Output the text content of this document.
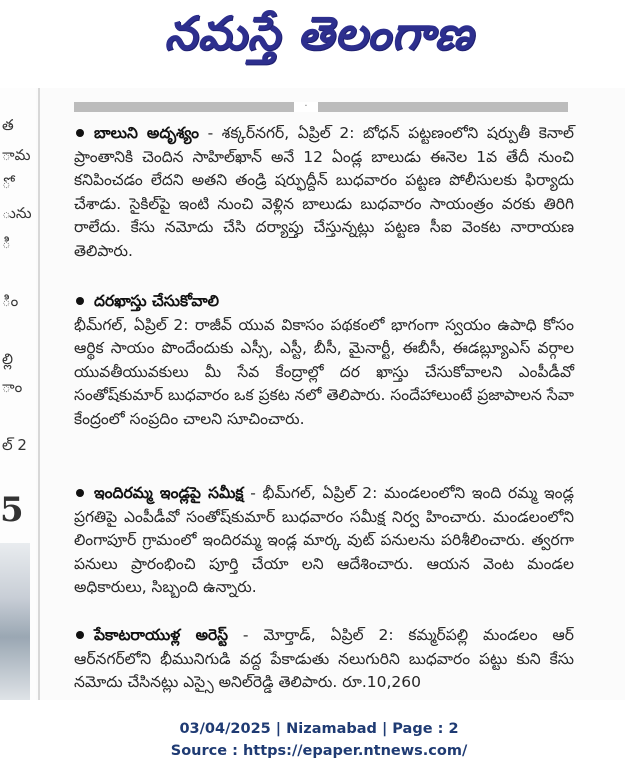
నమస్తే తెలంగాణ
త
ామ
ో
ును
ి
ిం
ల్లి
ాం
ల్ 2
5
·
బాలుని అదృశ్యం - శక్కర్‌నగర్‌, ఏప్రిల్‌ 2: బోధన్‌ పట్టణంలోని షర్పుతీ కెనాల్‌ ప్రాంతానికి చెందిన సాహిల్‌ఖాన్‌ అనే 12 ఏండ్ల బాలుడు ఈనెల 1వ తేదీ నుంచి కనిపించడం లేదని అతని తండ్రి షర్ఫుద్దీన్‌ బుధవారం పట్టణ పోలీసులకు ఫిర్యాదు చేశాడు. సైకిల్‌పై ఇంటి నుంచి వెళ్లిన బాలుడు బుధవారం సాయంత్రం వరకు తిరిగి రాలేదు. కేసు నమోదు చేసి దర్యాప్తు చేస్తున్నట్లు పట్టణ సీఐ వెంకట నారాయణ తెలిపారు.
దరఖాస్తు చేసుకోవాలి
భీమ్‌గల్‌, ఏప్రిల్‌ 2: రాజీవ్‌ యువ వికాసం పథకంలో భాగంగా స్వయం ఉపాధి కోసం ఆర్థిక సాయం పొందేందుకు ఎస్సీ, ఎస్టీ, బీసీ, మైనార్టీ, ఈబీసీ, ఈడబ్ల్యూఎస్‌ వర్గాల యువతీయువకులు మీ సేవ కేంద్రాల్లో దర ఖాస్తు చేసుకోవాలని ఎంపీడీవో సంతోష్‌కుమార్‌ బుధవారం ఒక ప్రకట నలో తెలిపారు. సందేహాలుంటే ప్రజాపాలన సేవా కేంద్రంలో సంప్రదిం చాలని సూచించారు.
ఇందిరమ్మ ఇండ్లపై సమీక్ష - భీమ్‌గల్‌, ఏప్రిల్‌ 2: మండలంలోని ఇంది రమ్మ ఇండ్ల ప్రగతిపై ఎంపీడీవో సంతోష్‌కుమార్‌ బుధవారం సమీక్ష నిర్వ హించారు. మండలంలోని లింగాపూర్‌ గ్రామంలో ఇందిరమ్మ ఇండ్ల మార్క వుట్‌ పనులను పరిశీలించారు. త్వరగా పనులు ప్రారంభించి పూర్తి చేయా లని ఆదేశించారు. ఆయన వెంట మండల అధికారులు, సిబ్బంది ఉన్నారు.
పేకాటరాయుళ్ల అరెస్ట్‌ - మోర్తాడ్‌, ఏప్రిల్‌ 2: కమ్మర్‌పల్లి మండలం ఆర్‌ ఆర్‌నగర్‌లోని భీమునిగుడి వద్ద పేకాడుతు నలుగురిని బుధవారం పట్టు కుని కేసు నమోదు చేసినట్లు ఎస్సై అనిల్‌రెడ్డి తెలిపారు. రూ.10,260
03/04/2025 | Nizamabad | Page : 2
Source : https://epaper.ntnews.com/
